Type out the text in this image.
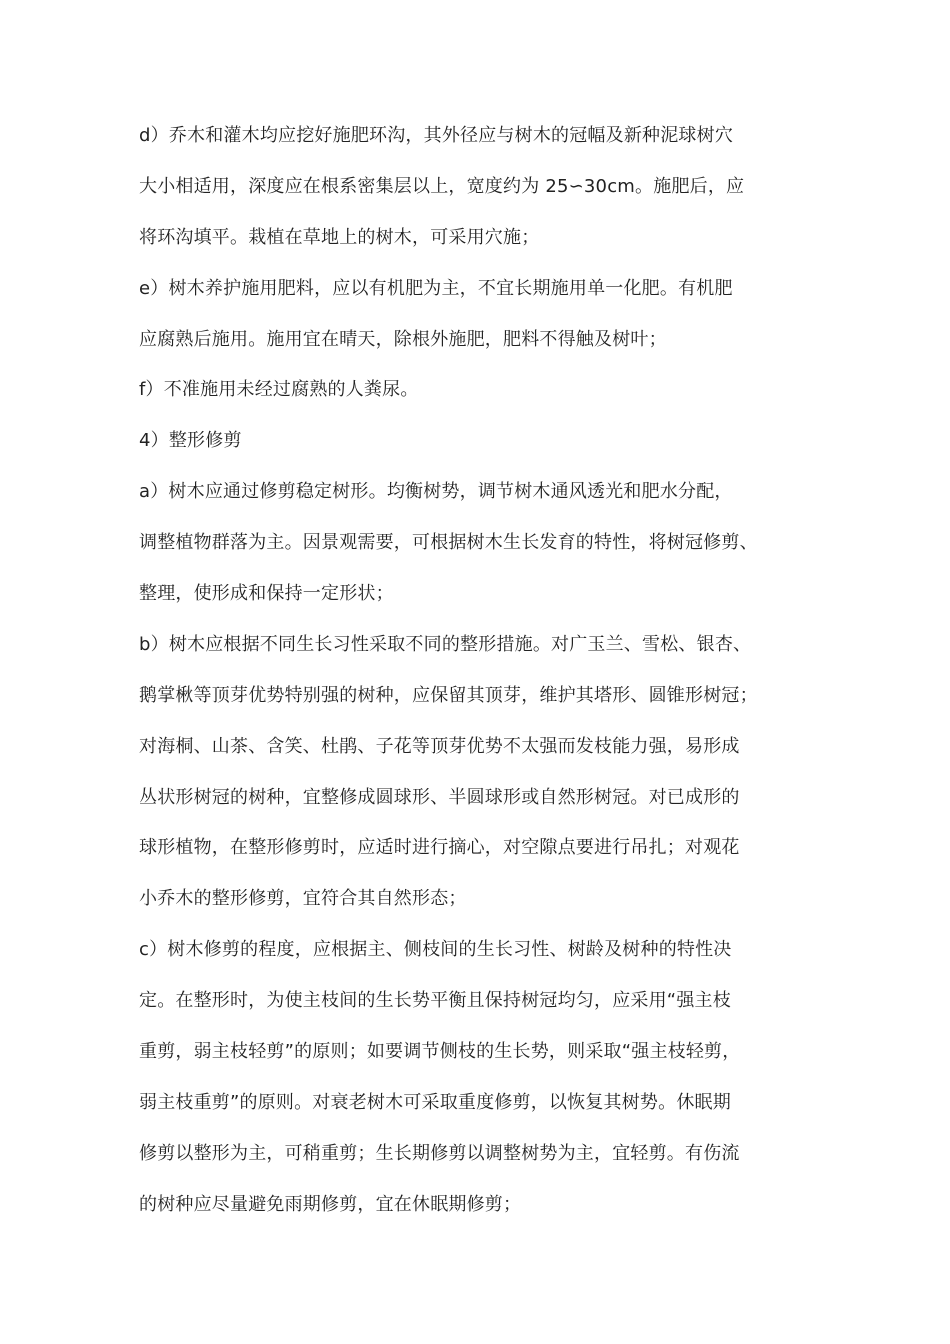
d）乔木和灌木均应挖好施肥环沟，其外径应与树木的冠幅及新种泥球树穴
大小相适用，深度应在根系密集层以上，宽度约为 25∽30cm。施肥后，应
将环沟填平。栽植在草地上的树木，可采用穴施；
e）树木养护施用肥料，应以有机肥为主，不宜长期施用单一化肥。有机肥
应腐熟后施用。施用宜在晴天，除根外施肥，肥料不得触及树叶；
f）不准施用未经过腐熟的人粪尿。
4）整形修剪
a）树木应通过修剪稳定树形。均衡树势，调节树木通风透光和肥水分配，
调整植物群落为主。因景观需要，可根据树木生长发育的特性，将树冠修剪、
整理，使形成和保持一定形状；
b）树木应根据不同生长习性采取不同的整形措施。对广玉兰、雪松、银杏、
鹅掌楸等顶芽优势特别强的树种，应保留其顶芽，维护其塔形、圆锥形树冠；
对海桐、山茶、含笑、杜鹃、子花等顶芽优势不太强而发枝能力强，易形成
丛状形树冠的树种，宜整修成圆球形、半圆球形或自然形树冠。对已成形的
球形植物，在整形修剪时，应适时进行摘心，对空隙点要进行吊扎；对观花
小乔木的整形修剪，宜符合其自然形态；
c）树木修剪的程度，应根据主、侧枝间的生长习性、树龄及树种的特性决
定。在整形时，为使主枝间的生长势平衡且保持树冠均匀，应采用“强主枝
重剪，弱主枝轻剪”的原则；如要调节侧枝的生长势，则采取“强主枝轻剪，
弱主枝重剪”的原则。对衰老树木可采取重度修剪，以恢复其树势。休眠期
修剪以整形为主，可稍重剪；生长期修剪以调整树势为主，宜轻剪。有伤流
的树种应尽量避免雨期修剪，宜在休眠期修剪；
